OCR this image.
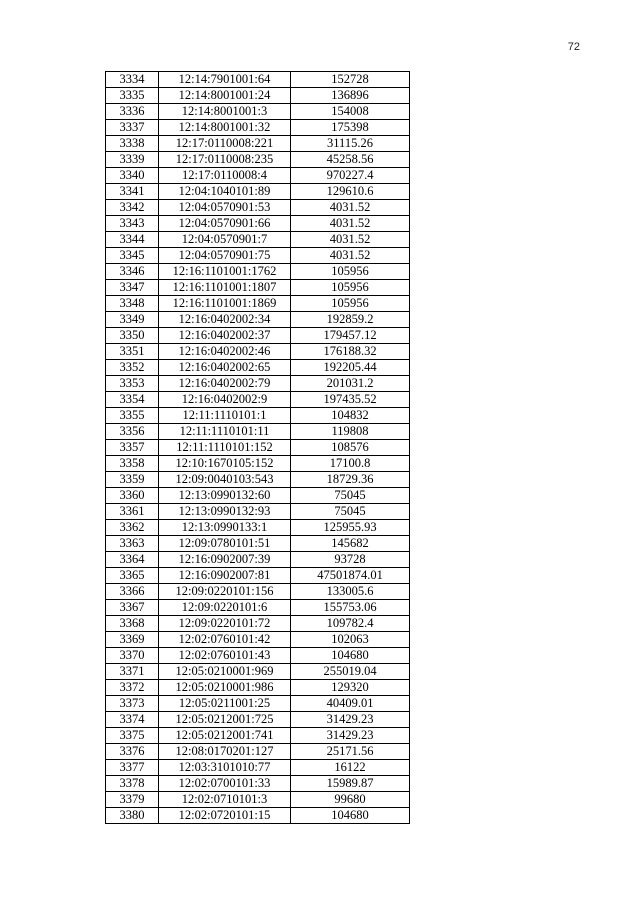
72
3334	12:14:7901001:64	152728
3335	12:14:8001001:24	136896
3336	12:14:8001001:3	154008
3337	12:14:8001001:32	175398
3338	12:17:0110008:221	31115.26
3339	12:17:0110008:235	45258.56
3340	12:17:0110008:4	970227.4
3341	12:04:1040101:89	129610.6
3342	12:04:0570901:53	4031.52
3343	12:04:0570901:66	4031.52
3344	12:04:0570901:7	4031.52
3345	12:04:0570901:75	4031.52
3346	12:16:1101001:1762	105956
3347	12:16:1101001:1807	105956
3348	12:16:1101001:1869	105956
3349	12:16:0402002:34	192859.2
3350	12:16:0402002:37	179457.12
3351	12:16:0402002:46	176188.32
3352	12:16:0402002:65	192205.44
3353	12:16:0402002:79	201031.2
3354	12:16:0402002:9	197435.52
3355	12:11:1110101:1	104832
3356	12:11:1110101:11	119808
3357	12:11:1110101:152	108576
3358	12:10:1670105:152	17100.8
3359	12:09:0040103:543	18729.36
3360	12:13:0990132:60	75045
3361	12:13:0990132:93	75045
3362	12:13:0990133:1	125955.93
3363	12:09:0780101:51	145682
3364	12:16:0902007:39	93728
3365	12:16:0902007:81	47501874.01
3366	12:09:0220101:156	133005.6
3367	12:09:0220101:6	155753.06
3368	12:09:0220101:72	109782.4
3369	12:02:0760101:42	102063
3370	12:02:0760101:43	104680
3371	12:05:0210001:969	255019.04
3372	12:05:0210001:986	129320
3373	12:05:0211001:25	40409.01
3374	12:05:0212001:725	31429.23
3375	12:05:0212001:741	31429.23
3376	12:08:0170201:127	25171.56
3377	12:03:3101010:77	16122
3378	12:02:0700101:33	15989.87
3379	12:02:0710101:3	99680
3380	12:02:0720101:15	104680
